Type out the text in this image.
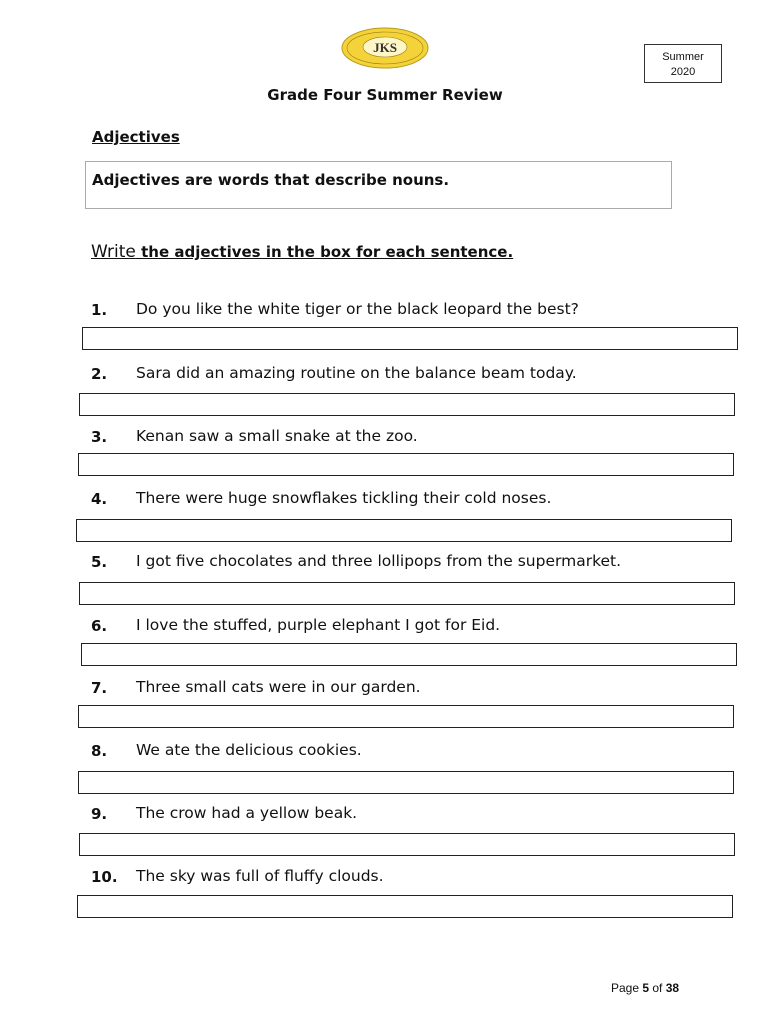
JKS
Summer
2020
Grade Four Summer Review
Adjectives
Adjectives are words that describe nouns.
Write the adjectives in the box for each sentence.
1. Do you like the white tiger or the black leopard the best?
2. Sara did an amazing routine on the balance beam today.
3. Kenan saw a small snake at the zoo.
4. There were huge snowflakes tickling their cold noses.
5. I got five chocolates and three lollipops from the supermarket.
6. I love the stuffed, purple elephant I got for Eid.
7. Three small cats were in our garden.
8. We ate the delicious cookies.
9. The crow had a yellow beak.
10. The sky was full of fluffy clouds.
Page 5 of 38
